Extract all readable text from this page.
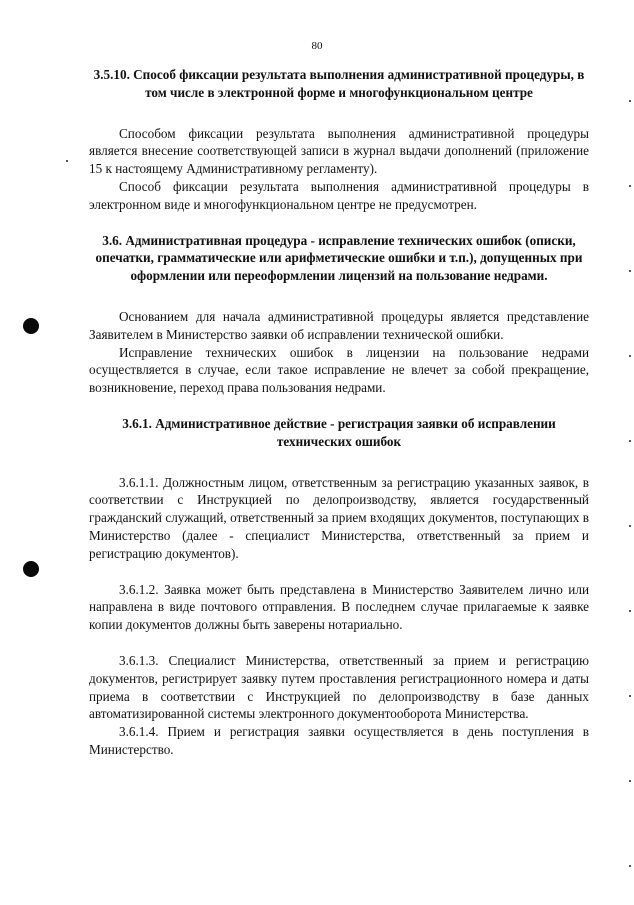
80

3.5.10. Способ фиксации результата выполнения административной процедуры, в том числе в электронной форме и многофункциональном центре

Способом фиксации результата выполнения административной процедуры является внесение соответствующей записи в журнал выдачи дополнений (приложение 15 к настоящему Административному регламенту).

Способ фиксации результата выполнения административной процедуры в электронном виде и многофункциональном центре не предусмотрен.

3.6. Административная процедура - исправление технических ошибок (описки, опечатки, грамматические или арифметические ошибки и т.п.), допущенных при оформлении или переоформлении лицензий на пользование недрами.

Основанием для начала административной процедуры является представление Заявителем в Министерство заявки об исправлении технической ошибки.

Исправление технических ошибок в лицензии на пользование недрами осуществляется в случае, если такое исправление не влечет за собой прекращение, возникновение, переход права пользования недрами.

3.6.1. Административное действие - регистрация заявки об исправлении технических ошибок

3.6.1.1. Должностным лицом, ответственным за регистрацию указанных заявок, в соответствии с Инструкцией по делопроизводству, является государственный гражданский служащий, ответственный за прием входящих документов, поступающих в Министерство (далее - специалист Министерства, ответственный за прием и регистрацию документов).

3.6.1.2. Заявка может быть представлена в Министерство Заявителем лично или направлена в виде почтового отправления. В последнем случае прилагаемые к заявке копии документов должны быть заверены нотариально.

3.6.1.3. Специалист Министерства, ответственный за прием и регистрацию документов, регистрирует заявку путем проставления регистрационного номера и даты приема в соответствии с Инструкцией по делопроизводству в базе данных автоматизированной системы электронного документооборота Министерства.

3.6.1.4. Прием и регистрация заявки осуществляется в день поступления в Министерство.
